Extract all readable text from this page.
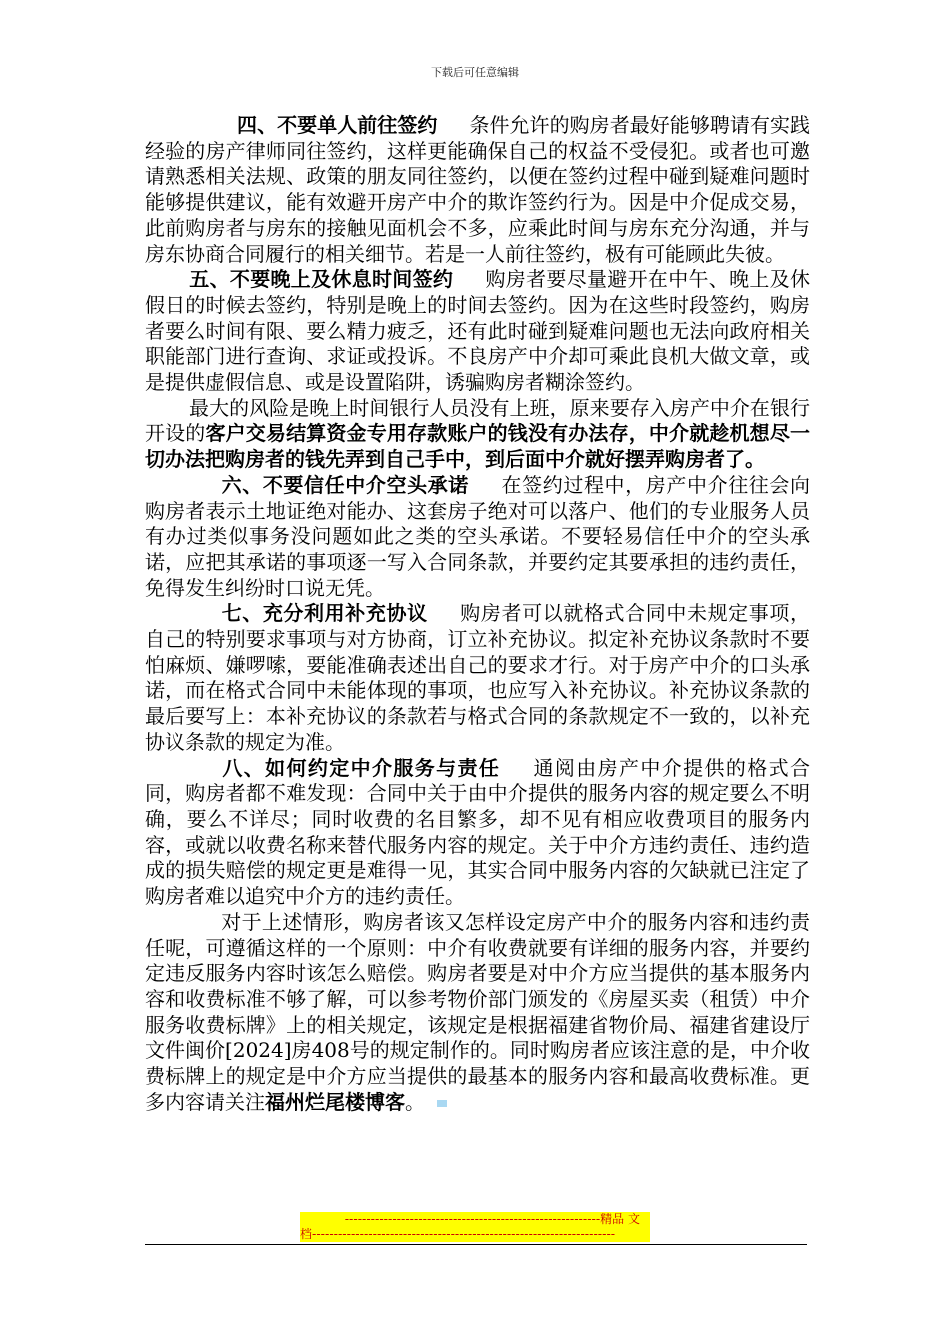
下载后可任意编辑

四、不要单人前往签约 条件允许的购房者最好能够聘请有实践经验的房产律师同往签约，这样更能确保自己的权益不受侵犯。或者也可邀请熟悉相关法规、政策的朋友同往签约，以便在签约过程中碰到疑难问题时能够提供建议，能有效避开房产中介的欺诈签约行为。因是中介促成交易，此前购房者与房东的接触见面机会不多，应乘此时间与房东充分沟通，并与房东协商合同履行的相关细节。若是一人前往签约，极有可能顾此失彼。

五、不要晚上及休息时间签约 购房者要尽量避开在中午、晚上及休假日的时候去签约，特别是晚上的时间去签约。因为在这些时段签约，购房者要么时间有限、要么精力疲乏，还有此时碰到疑难问题也无法向政府相关职能部门进行查询、求证或投诉。不良房产中介却可乘此良机大做文章，或是提供虚假信息、或是设置陷阱，诱骗购房者糊涂签约。

最大的风险是晚上时间银行人员没有上班，原来要存入房产中介在银行开设的客户交易结算资金专用存款账户的钱没有办法存，中介就趁机想尽一切办法把购房者的钱先弄到自己手中，到后面中介就好摆弄购房者了。

六、不要信任中介空头承诺 在签约过程中，房产中介往往会向购房者表示土地证绝对能办、这套房子绝对可以落户、他们的专业服务人员有办过类似事务没问题如此之类的空头承诺。不要轻易信任中介的空头承诺，应把其承诺的事项逐一写入合同条款，并要约定其要承担的违约责任，免得发生纠纷时口说无凭。

七、充分利用补充协议 购房者可以就格式合同中未规定事项，自己的特别要求事项与对方协商，订立补充协议。拟定补充协议条款时不要怕麻烦、嫌啰嗦，要能准确表述出自己的要求才行。对于房产中介的口头承诺，而在格式合同中未能体现的事项，也应写入补充协议。补充协议条款的最后要写上：本补充协议的条款若与格式合同的条款规定不一致的，以补充协议条款的规定为准。

八、如何约定中介服务与责任 通阅由房产中介提供的格式合同，购房者都不难发现：合同中关于由中介提供的服务内容的规定要么不明确，要么不详尽；同时收费的名目繁多，却不见有相应收费项目的服务内容，或就以收费名称来替代服务内容的规定。关于中介方违约责任、违约造成的损失赔偿的规定更是难得一见，其实合同中服务内容的欠缺就已注定了购房者难以追究中介方的违约责任。

对于上述情形，购房者该又怎样设定房产中介的服务内容和违约责任呢，可遵循这样的一个原则：中介有收费就要有详细的服务内容，并要约定违反服务内容时该怎么赔偿。购房者要是对中介方应当提供的基本服务内容和收费标准不够了解，可以参考物价部门颁发的《房屋买卖（租赁）中介服务收费标牌》上的相关规定，该规定是根据福建省物价局、福建省建设厅文件闽价[2024]房408号的规定制作的。同时购房者应该注意的是，中介收费标牌上的规定是中介方应当提供的最基本的服务内容和最高收费标准。更多内容请关注福州烂尾楼博客。

-----------------------------------------------------------精品 文
档----------------------------------------------------------------------
